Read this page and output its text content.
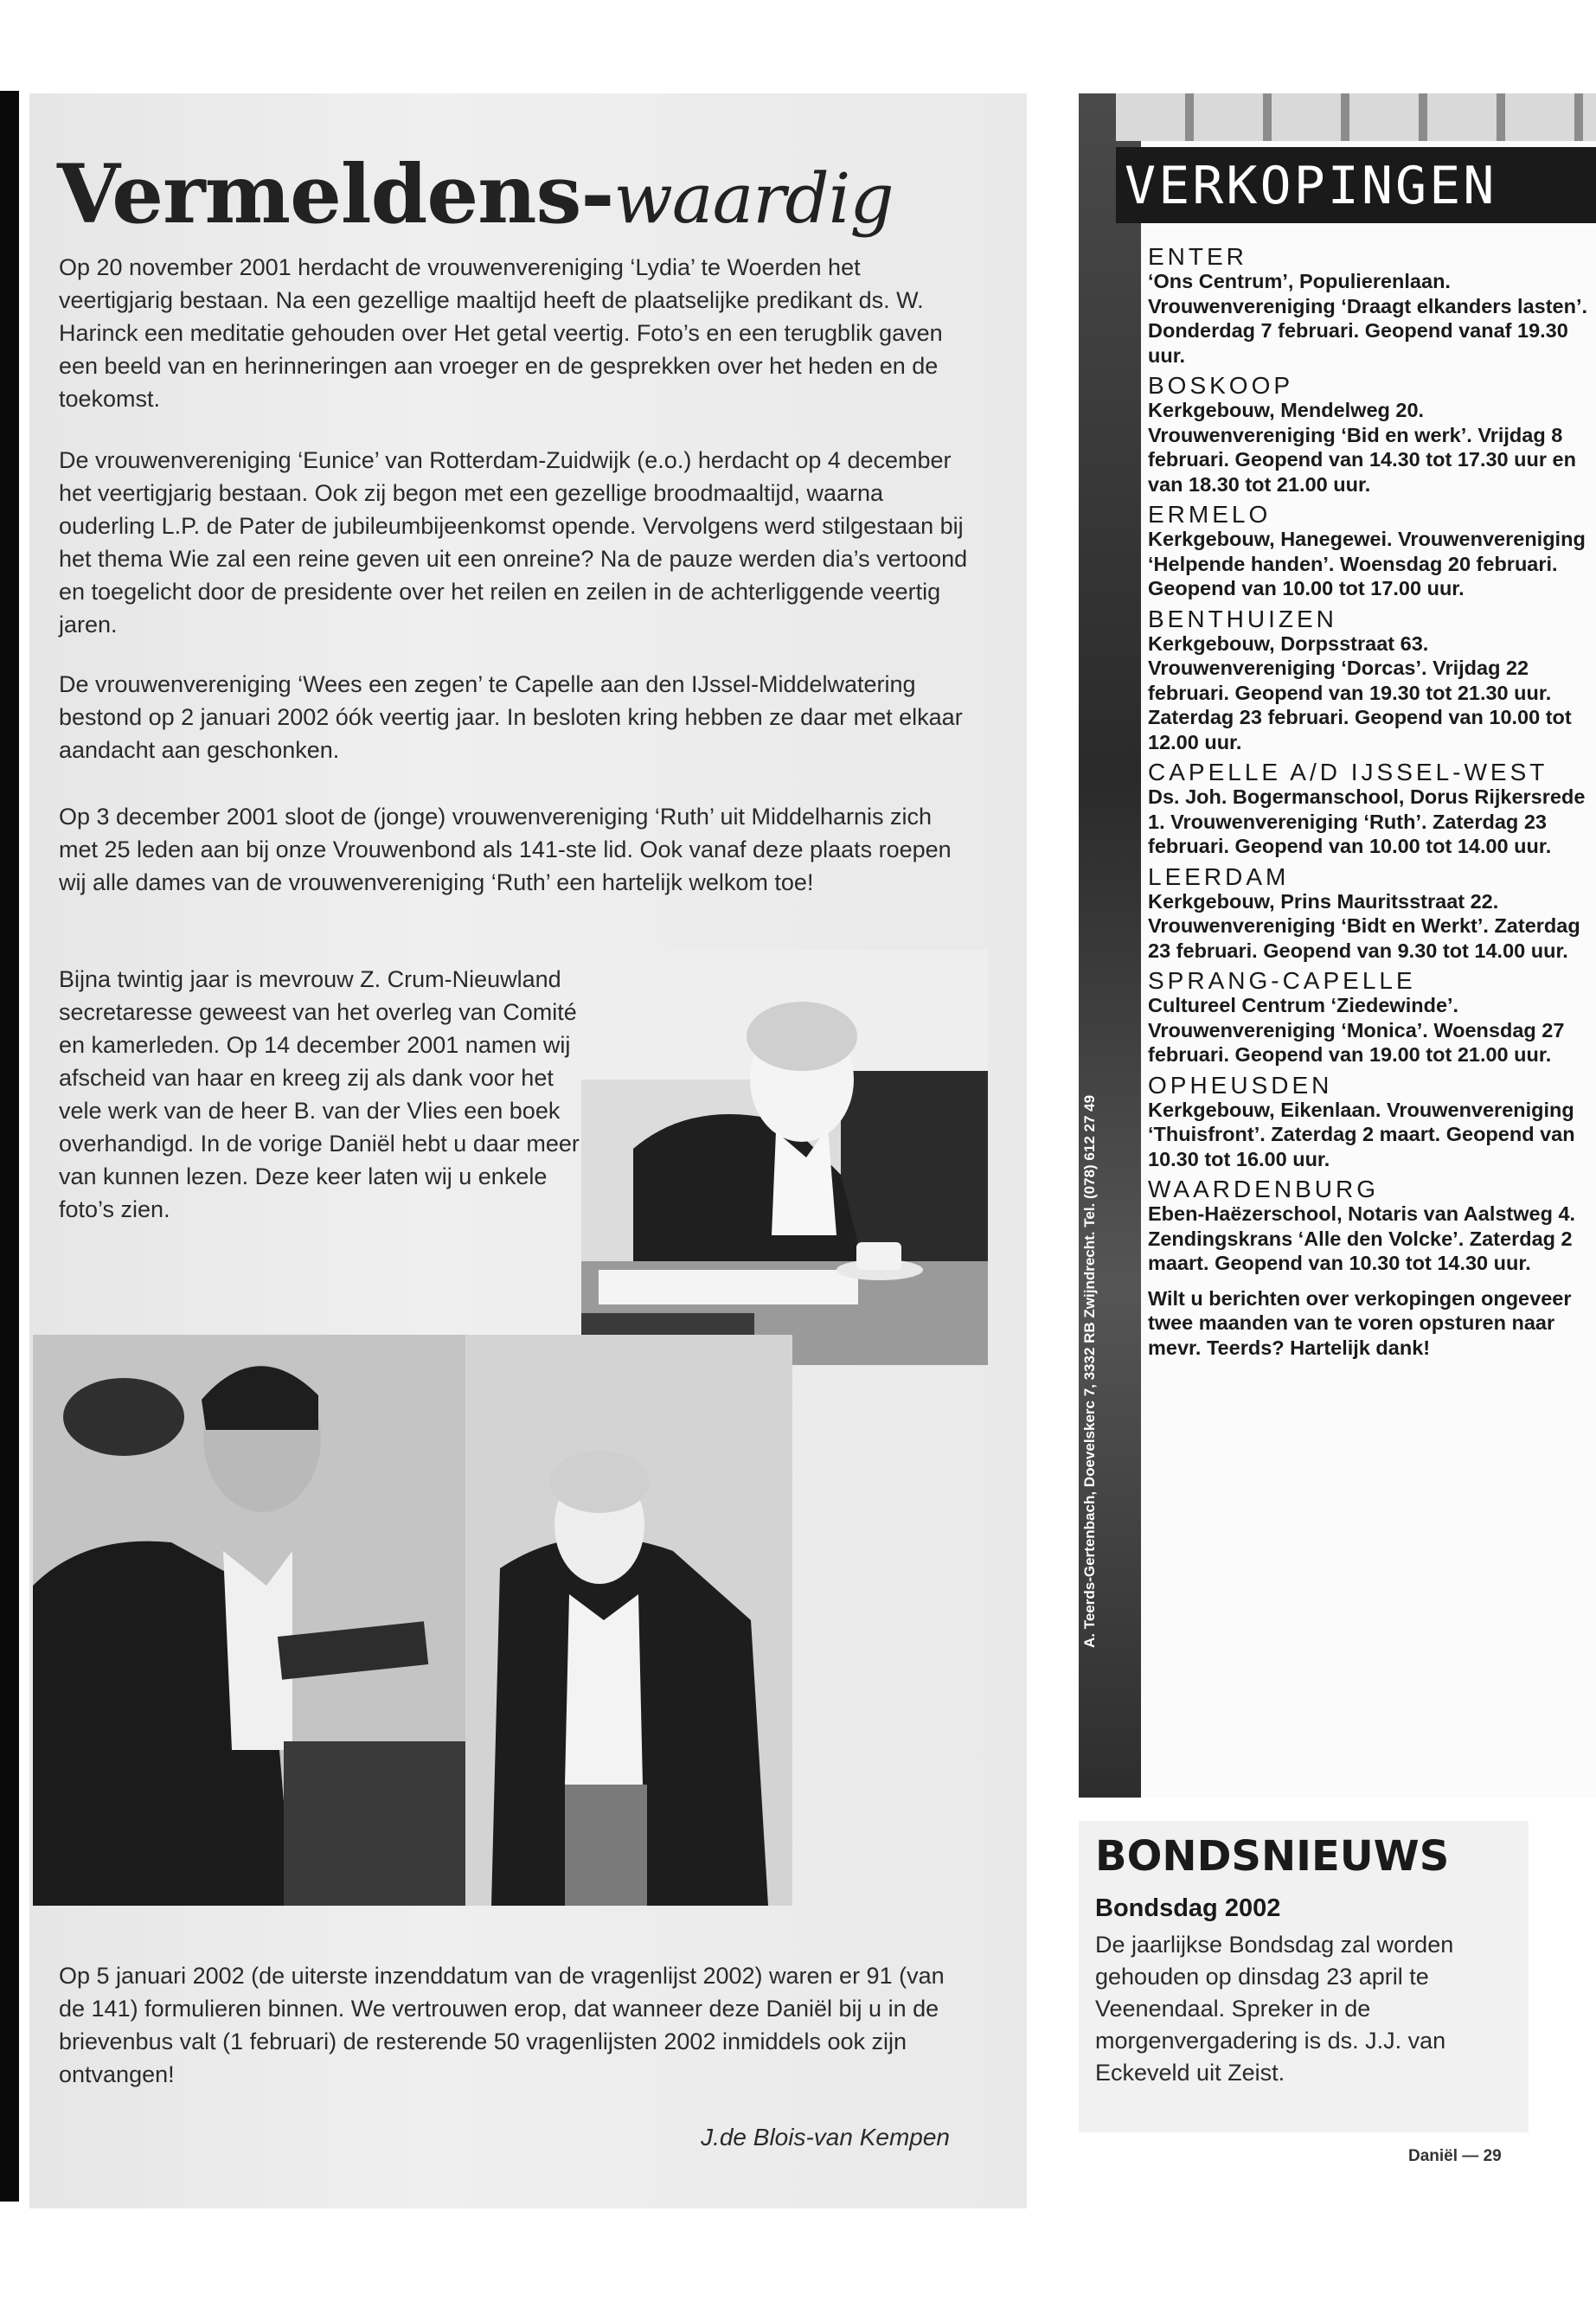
Vermeldens-waardig
Op 20 november 2001 herdacht de vrouwenvereniging ‘Lydia’ te Woerden het veertigjarig bestaan. Na een gezellige maaltijd heeft de plaatselijke predikant ds. W. Harinck een meditatie gehouden over Het getal veertig. Foto’s en een terugblik gaven een beeld van en herinneringen aan vroeger en de gesprekken over het heden en de toekomst.
De vrouwenvereniging ‘Eunice’ van Rotterdam-Zuidwijk (e.o.) herdacht op 4 december het veertigjarig bestaan. Ook zij begon met een gezellige broodmaaltijd, waarna ouderling L.P. de Pater de jubileumbijeenkomst opende. Vervolgens werd stilgestaan bij het thema Wie zal een reine geven uit een onreine? Na de pauze werden dia’s vertoond en toegelicht door de presidente over het reilen en zeilen in de achterliggende veertig jaren.
De vrouwenvereniging ‘Wees een zegen’ te Capelle aan den IJssel-Middelwatering bestond op 2 januari 2002 óók veertig jaar. In besloten kring hebben ze daar met elkaar aandacht aan geschonken.
Op 3 december 2001 sloot de (jonge) vrouwenvereniging ‘Ruth’ uit Middelharnis zich met 25 leden aan bij onze Vrouwenbond als 141-ste lid. Ook vanaf deze plaats roepen wij alle dames van de vrouwenvereniging ‘Ruth’ een hartelijk welkom toe!
Bijna twintig jaar is mevrouw Z. Crum-Nieuwland secretaresse geweest van het overleg van Comité en kamerleden. Op 14 december 2001 namen wij afscheid van haar en kreeg zij als dank voor het vele werk van de heer B. van der Vlies een boek overhandigd. In de vorige Daniël hebt u daar meer van kunnen lezen. Deze keer laten wij u enkele foto’s zien.
Op 5 januari 2002 (de uiterste inzenddatum van de vragenlijst 2002) waren er 91 (van de 141) formulieren binnen. We vertrouwen erop, dat wanneer deze Daniël bij u in de brievenbus valt (1 februari) de resterende 50 vragenlijsten 2002 inmiddels ook zijn ontvangen!
J.de Blois-van Kempen
A. Teerds-Gertenbach, Doevelskerc 7, 3332 RB Zwijndrecht. Tel. (078) 612 27 49
VERKOPINGEN
ENTER
‘Ons Centrum’, Populierenlaan. Vrouwenvereniging ‘Draagt elkanders lasten’. Donderdag 7 februari. Geopend vanaf 19.30 uur.
BOSKOOP
Kerkgebouw, Mendelweg 20. Vrouwenvereniging ‘Bid en werk’. Vrijdag 8 februari. Geopend van 14.30 tot 17.30 uur en van 18.30 tot 21.00 uur.
ERMELO
Kerkgebouw, Hanegewei. Vrouwenvereniging ‘Helpende handen’. Woensdag 20 februari. Geopend van 10.00 tot 17.00 uur.
BENTHUIZEN
Kerkgebouw, Dorpsstraat 63. Vrouwenvereniging ‘Dorcas’. Vrijdag 22 februari. Geopend van 19.30 tot 21.30 uur. Zaterdag 23 februari. Geopend van 10.00 tot 12.00 uur.
CAPELLE A/D IJSSEL-WEST
Ds. Joh. Bogermanschool, Dorus Rijkersrede 1. Vrouwenvereniging ‘Ruth’. Zaterdag 23 februari. Geopend van 10.00 tot 14.00 uur.
LEERDAM
Kerkgebouw, Prins Mauritsstraat 22. Vrouwenvereniging ‘Bidt en Werkt’. Zaterdag 23 februari. Geopend van 9.30 tot 14.00 uur.
SPRANG-CAPELLE
Cultureel Centrum ‘Ziedewinde’. Vrouwenvereniging ‘Monica’. Woensdag 27 februari. Geopend van 19.00 tot 21.00 uur.
OPHEUSDEN
Kerkgebouw, Eikenlaan. Vrouwenvereniging ‘Thuisfront’. Zaterdag 2 maart. Geopend van 10.30 tot 16.00 uur.
WAARDENBURG
Eben-Haëzerschool, Notaris van Aalstweg 4. Zendingskrans ‘Alle den Volcke’. Zaterdag 2 maart. Geopend van 10.30 tot 14.30 uur.
Wilt u berichten over verkopingen ongeveer twee maanden van te voren opsturen naar mevr. Teerds? Hartelijk dank!
BONDSNIEUWS
Bondsdag 2002
De jaarlijkse Bondsdag zal worden gehouden op dinsdag 23 april te Veenendaal. Spreker in de morgenvergadering is ds. J.J. van Eckeveld uit Zeist.
Daniël — 29
